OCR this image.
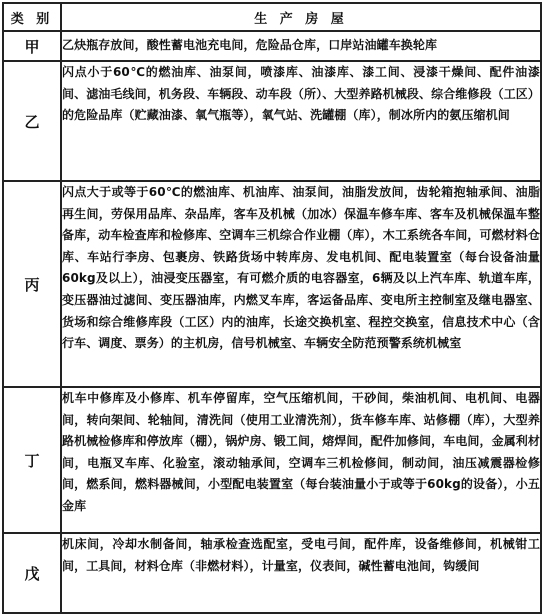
类 别	生 产 房 屋
甲	乙炔瓶存放间，酸性蓄电池充电间，危险品仓库，口岸站油罐车换轮库
乙	闪点小于60℃的燃油库、油泵间，喷漆库、油漆库、漆工间、浸漆干燥间、配件油漆间、滤油毛线间，机务段、车辆段、动车段（所）、大型养路机械段、综合维修段（工区）的危险品库（贮藏油漆、氧气瓶等），氧气站、洗罐棚（库），制冰所内的氨压缩机间
丙	闪点大于或等于60℃的燃油库、机油库、油泵间，油脂发放间，齿轮箱抱轴承间、油脂再生间，劳保用品库、杂品库，客车及机械（加冰）保温车修车库、客车及机械保温车整备库，动车检查库和检修库、空调车三机综合作业棚（库），木工系统各车间，可燃材料仓库、车站行李房、包裹房、铁路货场中转库房、发电机间、配电装置室（每台设备油量60kg及以上），油浸变压器室，有可燃介质的电容器室，6辆及以上汽车库、轨道车库，变压器油过滤间、变压器油库，内燃叉车库，客运备品库、变电所主控制室及继电器室、货场和综合维修库段（工区）内的油库，长途交换机室、程控交换室，信息技术中心（含行车、调度、票务）的主机房，信号机械室、车辆安全防范预警系统机械室
丁	机车中修库及小修库、机车停留库，空气压缩机间，干砂间，柴油机间、电机间、电器间，转向架间、轮轴间，清洗间（使用工业清洗剂），货车修车库、站修棚（库），大型养路机械检修库和停放库（棚），锅炉房、锻工间，熔焊间，配件加修间，车电间，金属利材间，电瓶叉车库、化验室，滚动轴承间，空调车三机检修间，制动间，油压减震器检修间，燃系间，燃料器械间，小型配电装置室（每台装油量小于或等于60kg的设备），小五金库
戊	机床间，冷却水制备间，轴承检查选配室，受电弓间，配件库，设备维修间，机械钳工间，工具间，材料仓库（非燃材料），计量室，仪表间，碱性蓄电池间，钩缓间
